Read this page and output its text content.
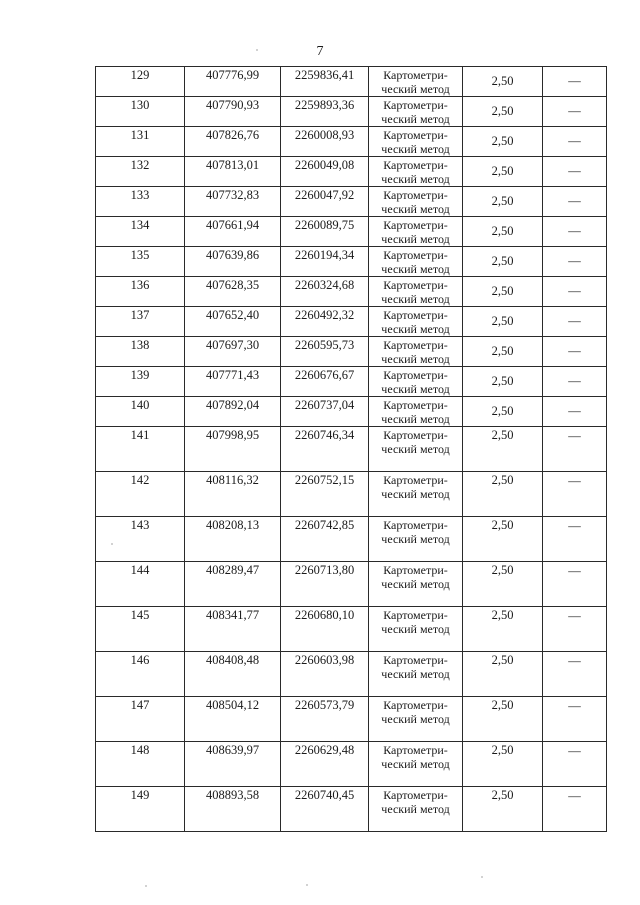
7
129	407776,99	2259836,41	Картометри-
ческий метод	2,50	—
130	407790,93	2259893,36	Картометри-
ческий метод	2,50	—
131	407826,76	2260008,93	Картометри-
ческий метод	2,50	—
132	407813,01	2260049,08	Картометри-
ческий метод	2,50	—
133	407732,83	2260047,92	Картометри-
ческий метод	2,50	—
134	407661,94	2260089,75	Картометри-
ческий метод	2,50	—
135	407639,86	2260194,34	Картометри-
ческий метод	2,50	—
136	407628,35	2260324,68	Картометри-
ческий метод	2,50	—
137	407652,40	2260492,32	Картометри-
ческий метод	2,50	—
138	407697,30	2260595,73	Картометри-
ческий метод	2,50	—
139	407771,43	2260676,67	Картометри-
ческий метод	2,50	—
140	407892,04	2260737,04	Картометри-
ческий метод	2,50	—
141	407998,95	2260746,34	Картометри-
ческий метод	2,50	—
142	408116,32	2260752,15	Картометри-
ческий метод	2,50	—
143	408208,13	2260742,85	Картометри-
ческий метод	2,50	—
144	408289,47	2260713,80	Картометри-
ческий метод	2,50	—
145	408341,77	2260680,10	Картометри-
ческий метод	2,50	—
146	408408,48	2260603,98	Картометри-
ческий метод	2,50	—
147	408504,12	2260573,79	Картометри-
ческий метод	2,50	—
148	408639,97	2260629,48	Картометри-
ческий метод	2,50	—
149	408893,58	2260740,45	Картометри-
ческий метод	2,50	—
